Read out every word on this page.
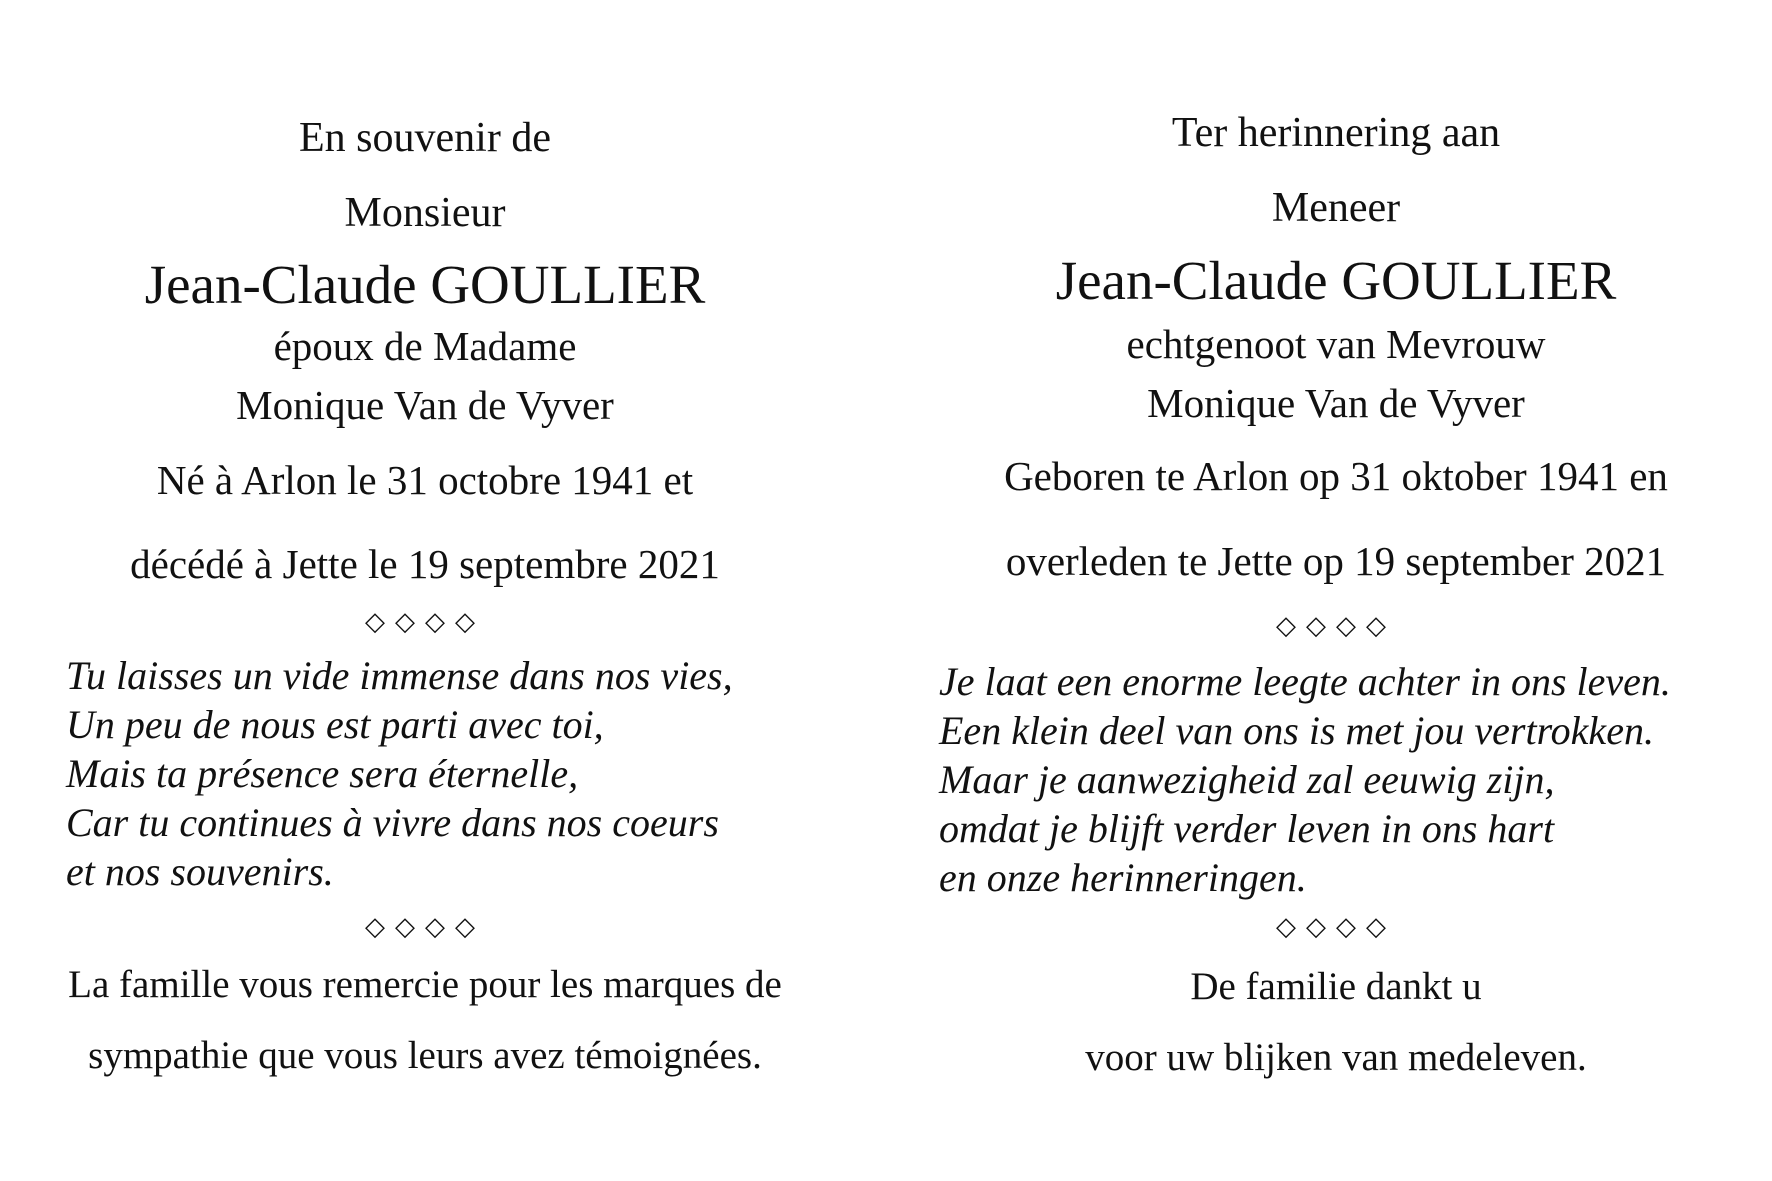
En souvenir de
Monsieur
Jean-Claude GOULLIER
époux de Madame
Monique Van de Vyver
Né à Arlon le 31 octobre 1941 et
décédé à Jette le 19 septembre 2021
◇◇◇◇
Tu laisses un vide immense dans nos vies,
Un peu de nous est parti avec toi,
Mais ta présence sera éternelle,
Car tu continues à vivre dans nos coeurs
et nos souvenirs.
◇◇◇◇
La famille vous remercie pour les marques de
sympathie que vous leurs avez témoignées.
Ter herinnering aan
Meneer
Jean-Claude GOULLIER
echtgenoot van Mevrouw
Monique Van de Vyver
Geboren te Arlon op 31 oktober 1941 en
overleden te Jette op 19 september 2021
◇◇◇◇
Je laat een enorme leegte achter in ons leven.
Een klein deel van ons is met jou vertrokken.
Maar je aanwezigheid zal eeuwig zijn,
omdat je blijft verder leven in ons hart
en onze herinneringen.
◇◇◇◇
De familie dankt u
voor uw blijken van medeleven.
